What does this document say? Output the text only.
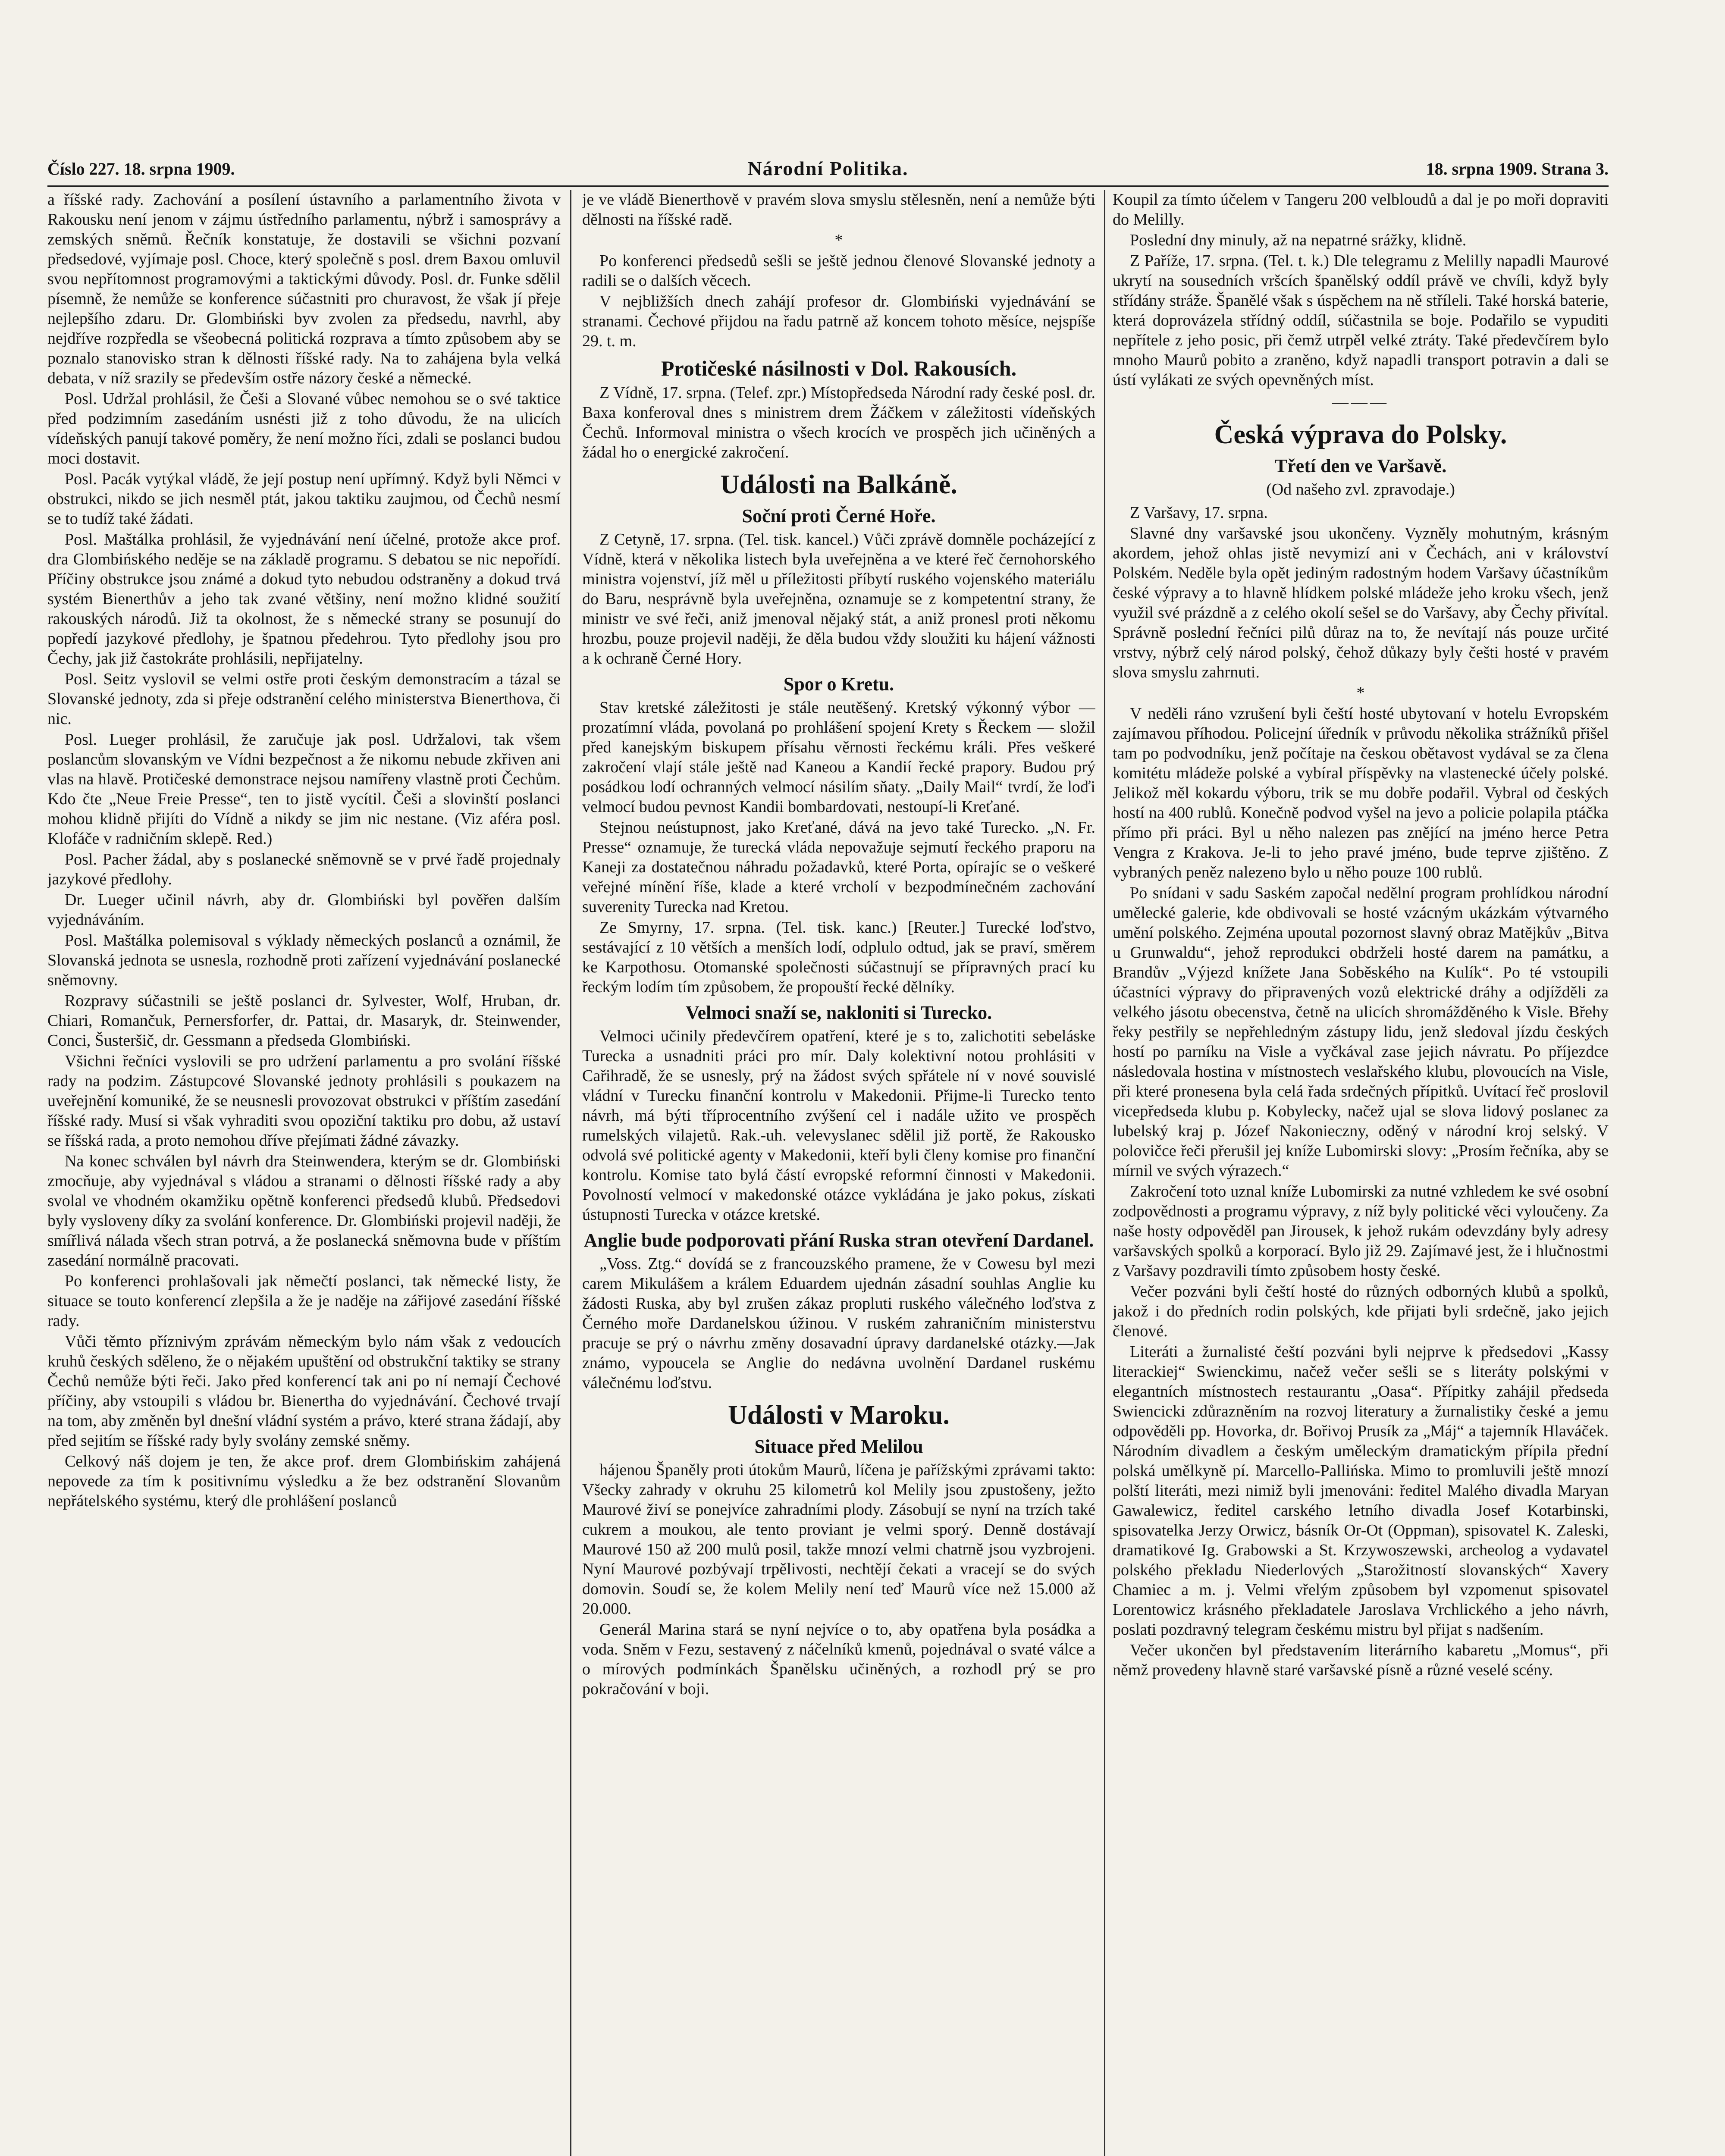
Číslo 227. 18. srpna 1909.	Národní Politika.	18. srpna 1909. Strana 3.

a říšské rady. Zachování a posílení ústavního a parlamentního života v Rakousku není jenom v zájmu ústředního parlamentu, nýbrž i samosprávy a zemských sněmů. Řečník konstatuje, že dostavili se všichni pozvaní předsedové, vyjímaje posl. Choce, který společně s posl. drem Baxou omluvil svou nepřítomnost programovými a taktickými důvody. Posl. dr. Funke sdělil písemně, že nemůže se konference súčastniti pro churavost, že však jí přeje nejlepšího zdaru. Dr. Glombiński byv zvolen za předsedu, navrhl, aby nejdříve rozpředla se všeobecná politická rozprava a tímto způsobem aby se poznalo stanovisko stran k dělnosti říšské rady. Na to zahájena byla velká debata, v níž srazily se především ostře názory české a německé.

Posl. Udržal prohlásil, že Češi a Slované vůbec nemohou se o své taktice před podzimním zasedáním usnésti již z toho důvodu, že na ulicích vídeňských panují takové poměry, že není možno říci, zdali se poslanci budou moci dostavit.

Posl. Pacák vytýkal vládě, že její postup není upřímný. Když byli Němci v obstrukci, nikdo se jich nesměl ptát, jakou taktiku zaujmou, od Čechů nesmí se to tudíž také žádati.

Posl. Maštálka prohlásil, že vyjednávání není účelné, protože akce prof. dra Glombińského neděje se na základě programu. S debatou se nic nepořídí. Příčiny obstrukce jsou známé a dokud tyto nebudou odstraněny a dokud trvá systém Bienerthův a jeho tak zvané většiny, není možno klidné soužití rakouských národů. Již ta okolnost, že s německé strany se posunují do popředí jazykové předlohy, je špatnou předehrou. Tyto předlohy jsou pro Čechy, jak již častokráte prohlásili, nepřijatelny.

Posl. Seitz vyslovil se velmi ostře proti českým demonstracím a tázal se Slovanské jednoty, zda si přeje odstranění celého ministerstva Bienerthova, či nic.

Posl. Lueger prohlásil, že zaručuje jak posl. Udržalovi, tak všem poslancům slovanským ve Vídni bezpečnost a že nikomu nebude zkřiven ani vlas na hlavě. Protičeské demonstrace nejsou namířeny vlastně proti Čechům. Kdo čte „Neue Freie Presse“, ten to jistě vycítil. Češi a slovinští poslanci mohou klidně přijíti do Vídně a nikdy se jim nic nestane. (Viz aféra posl. Klofáče v radničním sklepě. Red.)

Posl. Pacher žádal, aby s poslanecké sněmovně se v prvé řadě projednaly jazykové předlohy.

Dr. Lueger učinil návrh, aby dr. Glombiński byl pověřen dalším vyjednáváním.

Posl. Maštálka polemisoval s výklady německých poslanců a oznámil, že Slovanská jednota se usnesla, rozhodně proti zařízení vyjednávání poslanecké sněmovny.

Rozpravy súčastnili se ještě poslanci dr. Sylvester, Wolf, Hruban, dr. Chiari, Romančuk, Pernersforfer, dr. Pattai, dr. Masaryk, dr. Steinwender, Conci, Šusteršič, dr. Gessmann a předseda Glombiński.

Všichni řečníci vyslovili se pro udržení parlamentu a pro svolání říšské rady na podzim. Zástupcové Slovanské jednoty prohlásili s poukazem na uveřejnění komuniké, že se neusnesli provozovat obstrukci v příštím zasedání říšské rady. Musí si však vyhraditi svou opoziční taktiku pro dobu, až ustaví se říšská rada, a proto nemohou dříve přejímati žádné závazky.

Na konec schválen byl návrh dra Steinwendera, kterým se dr. Glombiński zmocňuje, aby vyjednával s vládou a stranami o dělnosti říšské rady a aby svolal ve vhodném okamžiku opětně konferenci předsedů klubů. Předsedovi byly vysloveny díky za svolání konference. Dr. Glombiński projevil naději, že smířlivá nálada všech stran potrvá, a že poslanecká sněmovna bude v příštím zasedání normálně pracovati.

Po konferenci prohlašovali jak němečtí poslanci, tak německé listy, že situace se touto konferencí zlepšila a že je naděje na zářijové zasedání říšské rady.

Vůči těmto příznivým zprávám německým bylo nám však z vedoucích kruhů českých sděleno, že o nějakém upuštění od obstrukční taktiky se strany Čechů nemůže býti řeči. Jako před konferencí tak ani po ní nemají Čechové příčiny, aby vstoupili s vládou br. Bienertha do vyjednávání. Čechové trvají na tom, aby změněn byl dnešní vládní systém a právo, které strana žádají, aby před sejitím se říšské rady byly svolány zemské sněmy.

Celkový náš dojem je ten, že akce prof. drem Glombińskim zahájená nepovede za tím k positivnímu výsledku a že bez odstranění Slovanům nepřátelského systému, který dle prohlášení poslanců

je ve vládě Bienerthově v pravém slova smyslu stělesněn, není a nemůže býti dělnosti na říšské radě.

*

Po konferenci předsedů sešli se ještě jednou členové Slovanské jednoty a radili se o dalších věcech.

V nejbližších dnech zahájí profesor dr. Glombiński vyjednávání se stranami. Čechové přijdou na řadu patrně až koncem tohoto měsíce, nejspíše 29. t. m.

Protičeské násilnosti v Dol. Rakousích.

Z Vídně, 17. srpna. (Telef. zpr.) Místopředseda Národní rady české posl. dr. Baxa konferoval dnes s ministrem drem Žáčkem v záležitosti vídeňských Čechů. Informoval ministra o všech krocích ve prospěch jich učiněných a žádal ho o energické zakročení.

Události na Balkáně.
Soční proti Černé Hoře.

Z Cetyně, 17. srpna. (Tel. tisk. kancel.) Vůči zprávě domněle pocházející z Vídně, která v několika listech byla uveřejněna a ve které řeč černohorského ministra vojenství, jíž měl u příležitosti příbytí ruského vojenského materiálu do Baru, nesprávně byla uveřejněna, oznamuje se z kompetentní strany, že ministr ve své řeči, aniž jmenoval nějaký stát, a aniž pronesl proti někomu hrozbu, pouze projevil naději, že děla budou vždy sloužiti ku hájení vážnosti a k ochraně Černé Hory.

Spor o Kretu.

Stav kretské záležitosti je stále neutěšený. Kretský výkonný výbor — prozatímní vláda, povolaná po prohlášení spojení Krety s Řeckem — složil před kanejským biskupem přísahu věrnosti řeckému králi. Přes veškeré zakročení vlají stále ještě nad Kaneou a Kandií řecké prapory. Budou prý posádkou lodí ochranných velmocí násilím sňaty. „Daily Mail“ tvrdí, že loďi velmocí budou pevnost Kandii bombardovati, nestoupí-li Kreťané.

Stejnou neústupnost, jako Kreťané, dává na jevo také Turecko. „N. Fr. Presse“ oznamuje, že turecká vláda nepovažuje sejmutí řeckého praporu na Kaneji za dostatečnou náhradu požadavků, které Porta, opírajíc se o veškeré veřejné mínění říše, klade a které vrcholí v bezpodmínečném zachování suverenity Turecka nad Kretou.

Ze Smyrny, 17. srpna. (Tel. tisk. kanc.) [Reuter.] Turecké loďstvo, sestávající z 10 větších a menších lodí, odplulo odtud, jak se praví, směrem ke Karpothosu. Otomanské společnosti súčastnují se přípravných prací ku řeckým lodím tím způsobem, že propouští řecké dělníky.

Velmoci snaží se, nakloniti si Turecko.

Velmoci učinily předevčírem opatření, které je s to, zalichotiti sebeláske Turecka a usnadniti práci pro mír. Daly kolektivní notou prohlásiti v Cařihradě, že se usnesly, prý na žádost svých spřátele ní v nové souvislé vládní v Turecku finanční kontrolu v Makedonii. Přijme-li Turecko tento návrh, má býti tříprocentního zvýšení cel i nadále užito ve prospěch rumelských vilajetů. Rak.-uh. velevyslanec sdělil již portě, že Rakousko odvolá své politické agenty v Makedonii, kteří byli členy komise pro finanční kontrolu. Komise tato bylá částí evropské reformní činnosti v Makedonii. Povolností velmocí v makedonské otázce vykládána je jako pokus, získati ústupnosti Turecka v otázce kretské.

Anglie bude podporovati přání Ruska stran otevření Dardanel.

„Voss. Ztg.“ dovídá se z francouzského pramene, že v Cowesu byl mezi carem Mikulášem a králem Eduardem ujednán zásadní souhlas Anglie ku žádosti Ruska, aby byl zrušen zákaz propluti ruského válečného loďstva z Černého moře Dardanelskou úžinou. V ruském zahraničním ministerstvu pracuje se prý o návrhu změny dosavadní úpravy dardanelské otázky.—Jak známo, vypoucela se Anglie do nedávna uvolnění Dardanel ruskému válečnému loďstvu.

Události v Maroku.
Situace před Melilou

hájenou Španěly proti útokům Maurů, líčena je pařížskými zprávami takto: Všecky zahrady v okruhu 25 kilometrů kol Melily jsou zpustošeny, ježto Maurové živí se ponejvíce zahradními plody. Zásobují se nyní na trzích také cukrem a moukou, ale tento proviant je velmi sporý. Denně dostávají Maurové 150 až 200 mulů posil, takže mnozí velmi chatrně jsou vyzbrojeni. Nyní Maurové pozbývají trpělivosti, nechtějí čekati a vracejí se do svých domovin. Soudí se, že kolem Melily není teď Maurů více než 15.000 až 20.000.

Generál Marina stará se nyní nejvíce o to, aby opatřena byla posádka a voda. Sněm v Fezu, sestavený z náčelníků kmenů, pojednával o svaté válce a o mírových podmínkách Španělsku učiněných, a rozhodl prý se pro pokračování v boji.

Koupil za tímto účelem v Tangeru 200 velbloudů a dal je po moři dopraviti do Melilly.

Poslední dny minuly, až na nepatrné srážky, klidně.

Z Paříže, 17. srpna. (Tel. t. k.) Dle telegramu z Melilly napadli Maurové ukrytí na sousedních vršcích španělský oddíl právě ve chvíli, když byly střídány stráže. Španělé však s úspěchem na ně stříleli. Také horská baterie, která doprovázela střídný oddíl, súčastnila se boje. Podařilo se vypuditi nepřítele z jeho posic, při čemž utrpěl velké ztráty. Také předevčírem bylo mnoho Maurů pobito a zraněno, když napadli transport potravin a dali se ústí vylákati ze svých opevněných míst.

———
Česká výprava do Polsky.
Třetí den ve Varšavě.
(Od našeho zvl. zpravodaje.)

Z Varšavy, 17. srpna.

Slavné dny varšavské jsou ukončeny. Vyzněly mohutným, krásným akordem, jehož ohlas jistě nevymizí ani v Čechách, ani v království Polském. Neděle byla opět jediným radostným hodem Varšavy účastníkům české výpravy a to hlavně hlídkem polské mládeže jeho kroku všech, jenž využil své prázdně a z celého okolí sešel se do Varšavy, aby Čechy přivítal. Správně poslední řečníci pilů důraz na to, že nevítají nás pouze určité vrstvy, nýbrž celý národ polský, čehož důkazy byly češti hosté v pravém slova smyslu zahrnuti.

*

V neděli ráno vzrušení byli čeští hosté ubytovaní v hotelu Evropském zajímavou příhodou. Policejní úředník v průvodu několika strážníků přišel tam po podvodníku, jenž počítaje na českou obětavost vydával se za člena komitétu mládeže polské a vybíral příspěvky na vlastenecké účely polské. Jelikož měl kokardu výboru, trik se mu dobře podařil. Vybral od českých hostí na 400 rublů. Konečně podvod vyšel na jevo a policie polapila ptáčka přímo při práci. Byl u něho nalezen pas znějící na jméno herce Petra Vengra z Krakova. Je-li to jeho pravé jméno, bude teprve zjištěno. Z vybraných peněz nalezeno bylo u něho pouze 100 rublů.

Po snídani v sadu Saském započal nedělní program prohlídkou národní umělecké galerie, kde obdivovali se hosté vzácným ukázkám výtvarného umění polského. Zejména upoutal pozornost slavný obraz Matějkův „Bitva u Grunwaldu“, jehož reprodukci obdrželi hosté darem na památku, a Brandův „Výjezd knížete Jana Soběského na Kulík“. Po té vstoupili účastníci výpravy do připravených vozů elektrické dráhy a odjížděli za velkého jásotu obecenstva, četně na ulicích shromážděného k Visle. Břehy řeky pestřily se nepřehledným zástupy lidu, jenž sledoval jízdu českých hostí po parníku na Visle a vyčkával zase jejich návratu. Po příjezdce následovala hostina v místnostech veslařského klubu, plovoucích na Visle, při které pronesena byla celá řada srdečných přípitků. Uvítací řeč proslovil vicepředseda klubu p. Kobylecky, načež ujal se slova lidový poslanec za lubelský kraj p. Józef Nakonieczny, oděný v národní kroj selský. V polovičce řeči přerušil jej kníže Lubomirski slovy: „Prosím řečníka, aby se mírnil ve svých výrazech.“

Zakročení toto uznal kníže Lubomirski za nutné vzhledem ke své osobní zodpovědnosti a programu výpravy, z níž byly politické věci vyloučeny. Za naše hosty odpověděl pan Jirousek, k jehož rukám odevzdány byly adresy varšavských spolků a korporací. Bylo již 29. Zajímavé jest, že i hlučnostmi z Varšavy pozdravili tímto způsobem hosty české.

Večer pozváni byli čeští hosté do různých odborných klubů a spolků, jakož i do předních rodin polských, kde přijati byli srdečně, jako jejich členové.

Literáti a žurnalisté čeští pozváni byli nejprve k předsedovi „Kassy literackiej“ Swienckimu, načež večer sešli se s literáty polskými v elegantních místnostech restaurantu „Oasa“. Přípitky zahájil předseda Swiencicki zdůrazněním na rozvoj literatury a žurnalistiky české a jemu odpověděli pp. Hovorka, dr. Bořivoj Prusík za „Máj“ a tajemník Hlaváček. Národním divadlem a českým uměleckým dramatickým přípila přední polská umělkyně pí. Marcello-Pallińska. Mimo to promluvili ještě mnozí polští literáti, mezi nimiž byli jmenováni: ředitel Malého divadla Maryan Gawalewicz, ředitel carského letního divadla Josef Kotarbinski, spisovatelka Jerzy Orwicz, básník Or-Ot (Oppman), spisovatel K. Zaleski, dramatikové Ig. Grabowski a St. Krzywoszewski, archeolog a vydavatel polského překladu Niederlových „Starožitností slovanských“ Xavery Chamiec a m. j. Velmi vřelým způsobem byl vzpomenut spisovatel Lorentowicz krásného překladatele Jaroslava Vrchlického a jeho návrh, poslati pozdravný telegram českému mistru byl přijat s nadšením.

Večer ukončen byl představením literárního kabaretu „Momus“, při němž provedeny hlavně staré varšavské písně a různé veselé scény.
